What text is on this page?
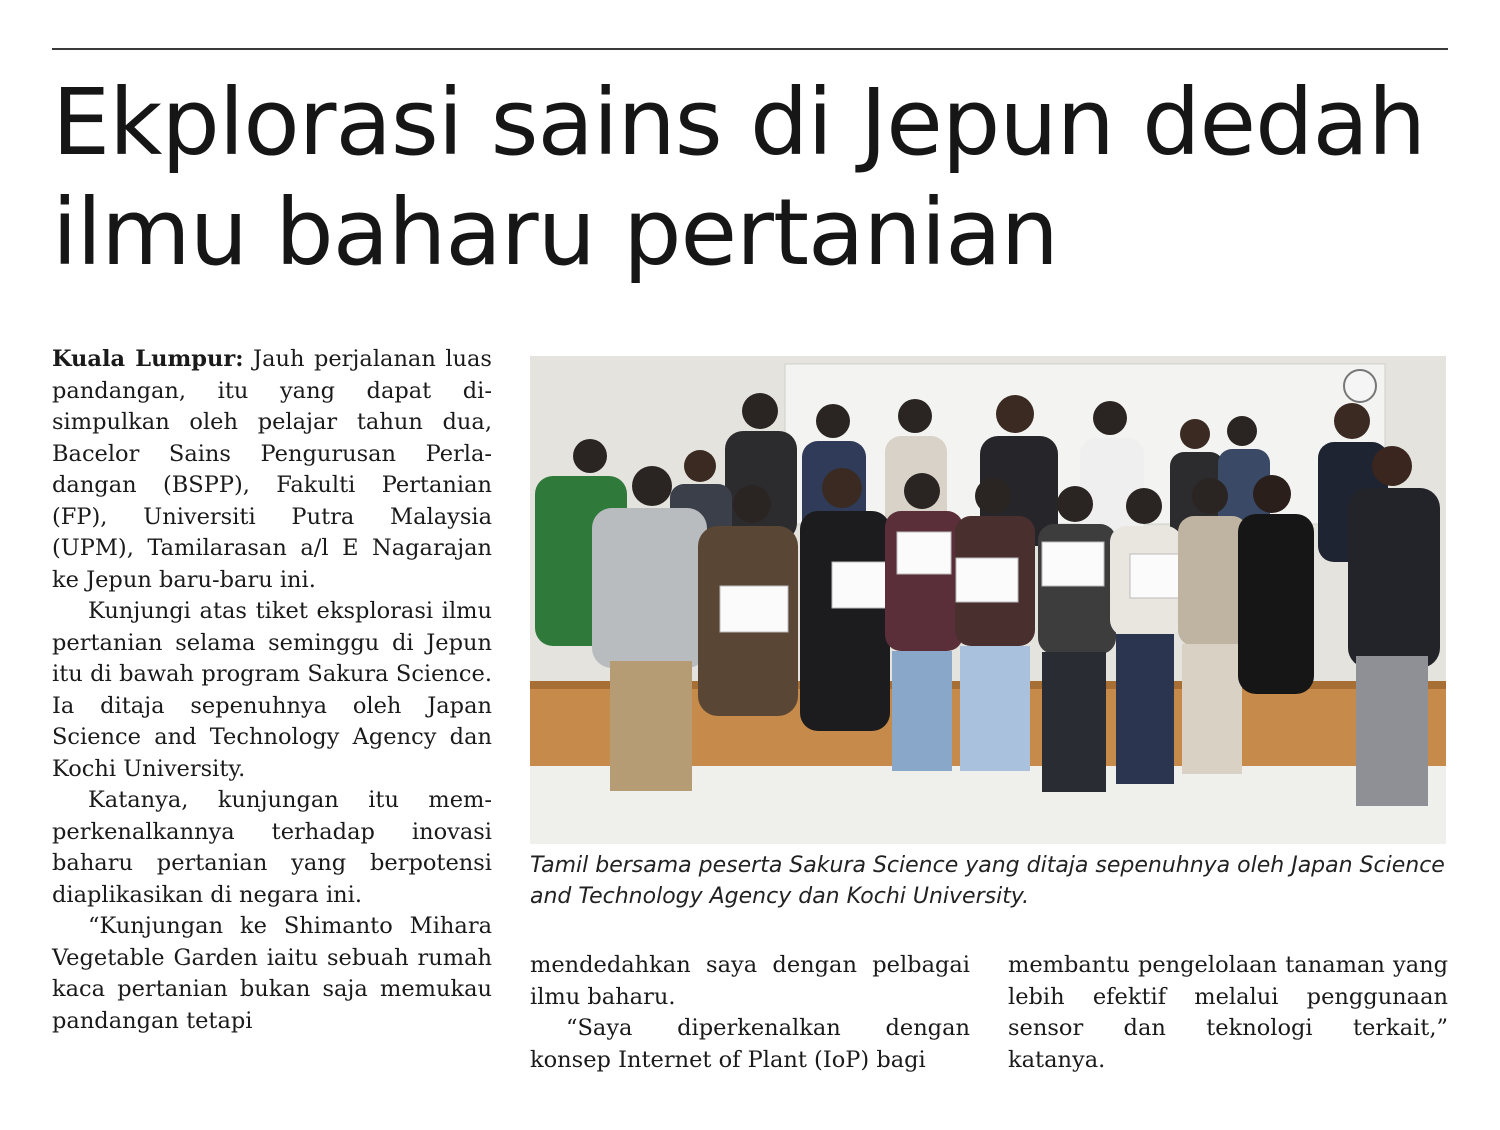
Ekplorasi sains di Jepun dedah ilmu baharu pertanian

Kuala Lumpur: Jauh perjalanan luas pandangan, itu yang dapat disimpulkan oleh pelajar tahun dua, Bacelor Sains Pengurusan Perladangan (BSPP), Fakulti Pertanian (FP), Universiti Putra Malaysia (UPM), Tamilarasan a/l E Nagarajan ke Jepun baru-baru ini.

Kunjungi atas tiket eksplorasi ilmu pertanian selama seminggu di Jepun itu di bawah program Sakura Science. Ia ditaja sepenuhnya oleh Japan Science and Technology Agency dan Kochi University.

Katanya, kunjungan itu memperkenalkannya terhadap inovasi baharu pertanian yang berpotensi diaplikasikan di negara ini.

“Kunjungan ke Shimanto Mihara Vegetable Garden iaitu sebuah rumah kaca pertanian bukan saja memukau pandangan tetapi

Tamil bersama peserta Sakura Science yang ditaja sepenuhnya oleh Japan Science and Technology Agency dan Kochi University.

mendedahkan saya dengan pelbagai ilmu baharu.

“Saya diperkenalkan dengan konsep Internet of Plant (IoP) bagi

membantu pengelolaan tanaman yang lebih efektif melalui penggunaan sensor dan teknologi terkait,” katanya.
